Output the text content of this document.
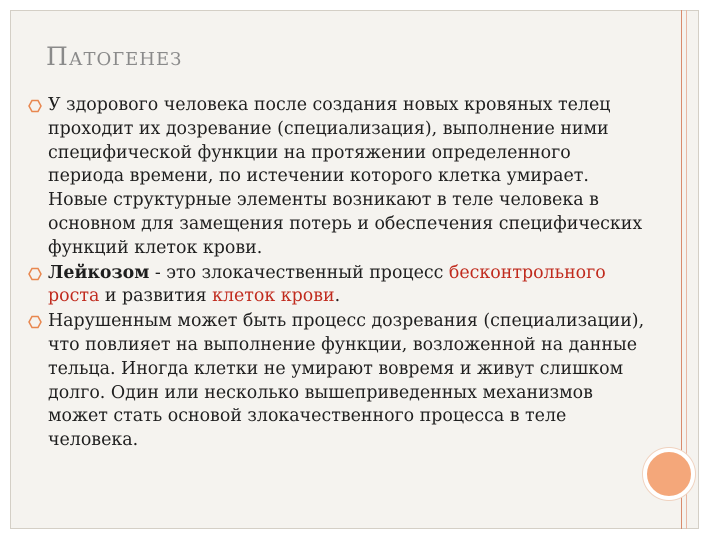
ПАТОГЕНЕЗ
У здорового человека после создания новых кровяных телец проходит их дозревание (специализация), выполнение ними специфической функции на протяжении определенного периода времени, по истечении которого клетка умирает. Новые структурные элементы возникают в теле человека в основном для замещения потерь и обеспечения специфических функций клеток крови.
Лейкозом - это злокачественный процесс бесконтрольного роста и развития клеток крови.
Нарушенным может быть процесс дозревания (специализации), что повлияет на выполнение функции, возложенной на данные тельца. Иногда клетки не умирают вовремя и живут слишком долго. Один или несколько вышеприведенных механизмов может стать основой злокачественного процесса в теле человека.
